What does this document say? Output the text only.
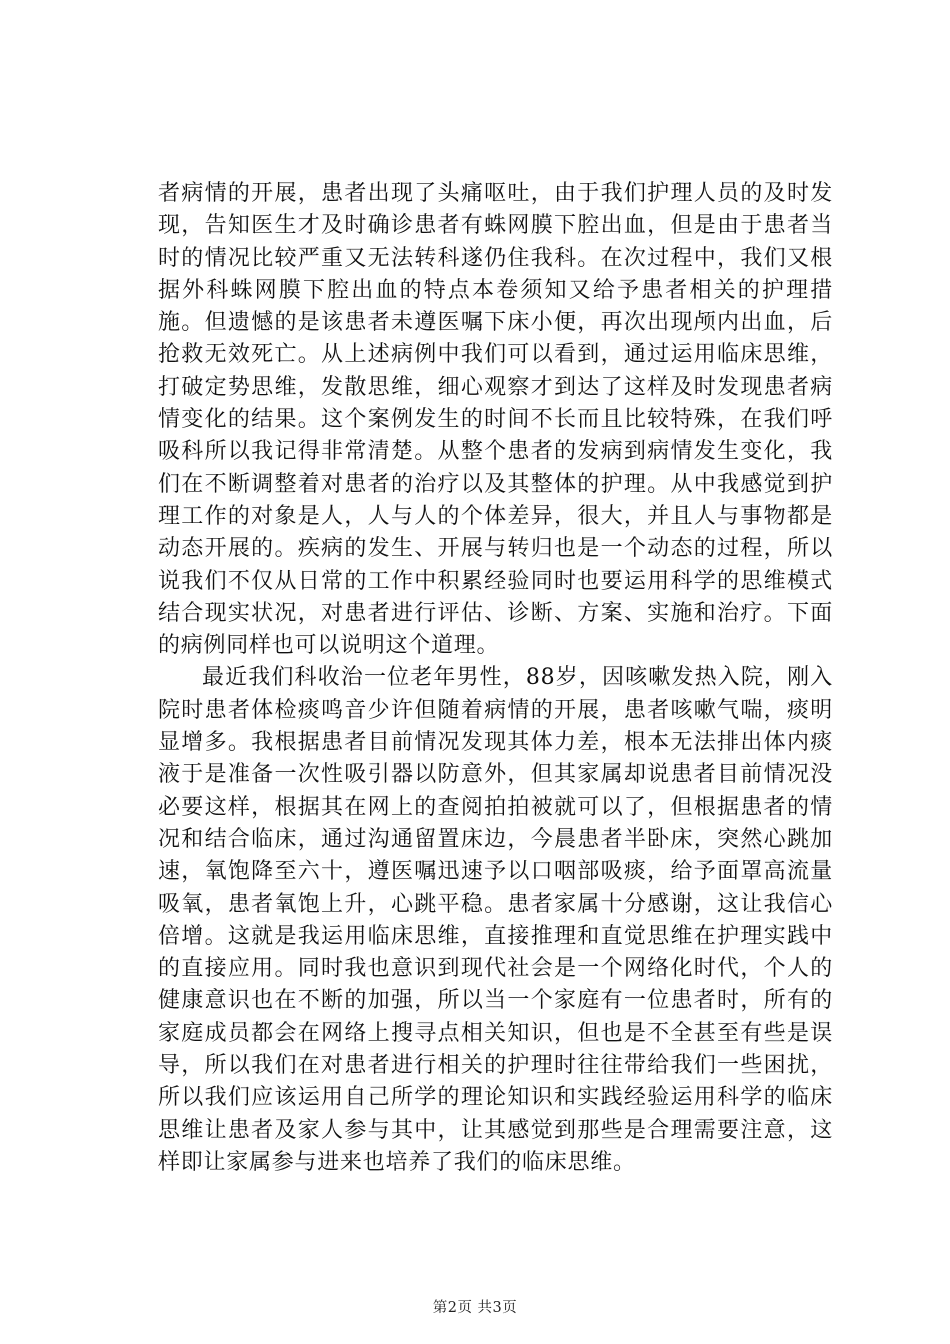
者病情的开展，患者出现了头痛呕吐，由于我们护理人员的及时发现，告知医生才及时确诊患者有蛛网膜下腔出血，但是由于患者当时的情况比较严重又无法转科遂仍住我科。在次过程中，我们又根据外科蛛网膜下腔出血的特点本卷须知又给予患者相关的护理措施。但遗憾的是该患者未遵医嘱下床小便，再次出现颅内出血，后抢救无效死亡。从上述病例中我们可以看到，通过运用临床思维，打破定势思维，发散思维，细心观察才到达了这样及时发现患者病情变化的结果。这个案例发生的时间不长而且比较特殊，在我们呼吸科所以我记得非常清楚。从整个患者的发病到病情发生变化，我们在不断调整着对患者的治疗以及其整体的护理。从中我感觉到护理工作的对象是人，人与人的个体差异，很大，并且人与事物都是动态开展的。疾病的发生、开展与转归也是一个动态的过程，所以说我们不仅从日常的工作中积累经验同时也要运用科学的思维模式结合现实状况，对患者进行评估、诊断、方案、实施和治疗。下面的病例同样也可以说明这个道理。

最近我们科收治一位老年男性，88岁，因咳嗽发热入院，刚入院时患者体检痰鸣音少许但随着病情的开展，患者咳嗽气喘，痰明显增多。我根据患者目前情况发现其体力差，根本无法排出体内痰液于是准备一次性吸引器以防意外，但其家属却说患者目前情况没必要这样，根据其在网上的查阅拍拍被就可以了，但根据患者的情况和结合临床，通过沟通留置床边，今晨患者半卧床，突然心跳加速，氧饱降至六十，遵医嘱迅速予以口咽部吸痰，给予面罩高流量吸氧，患者氧饱上升，心跳平稳。患者家属十分感谢，这让我信心倍增。这就是我运用临床思维，直接推理和直觉思维在护理实践中的直接应用。同时我也意识到现代社会是一个网络化时代，个人的健康意识也在不断的加强，所以当一个家庭有一位患者时，所有的家庭成员都会在网络上搜寻点相关知识，但也是不全甚至有些是误导，所以我们在对患者进行相关的护理时往往带给我们一些困扰，所以我们应该运用自己所学的理论知识和实践经验运用科学的临床思维让患者及家人参与其中，让其感觉到那些是合理需要注意，这样即让家属参与进来也培养了我们的临床思维。

第2页 共3页
